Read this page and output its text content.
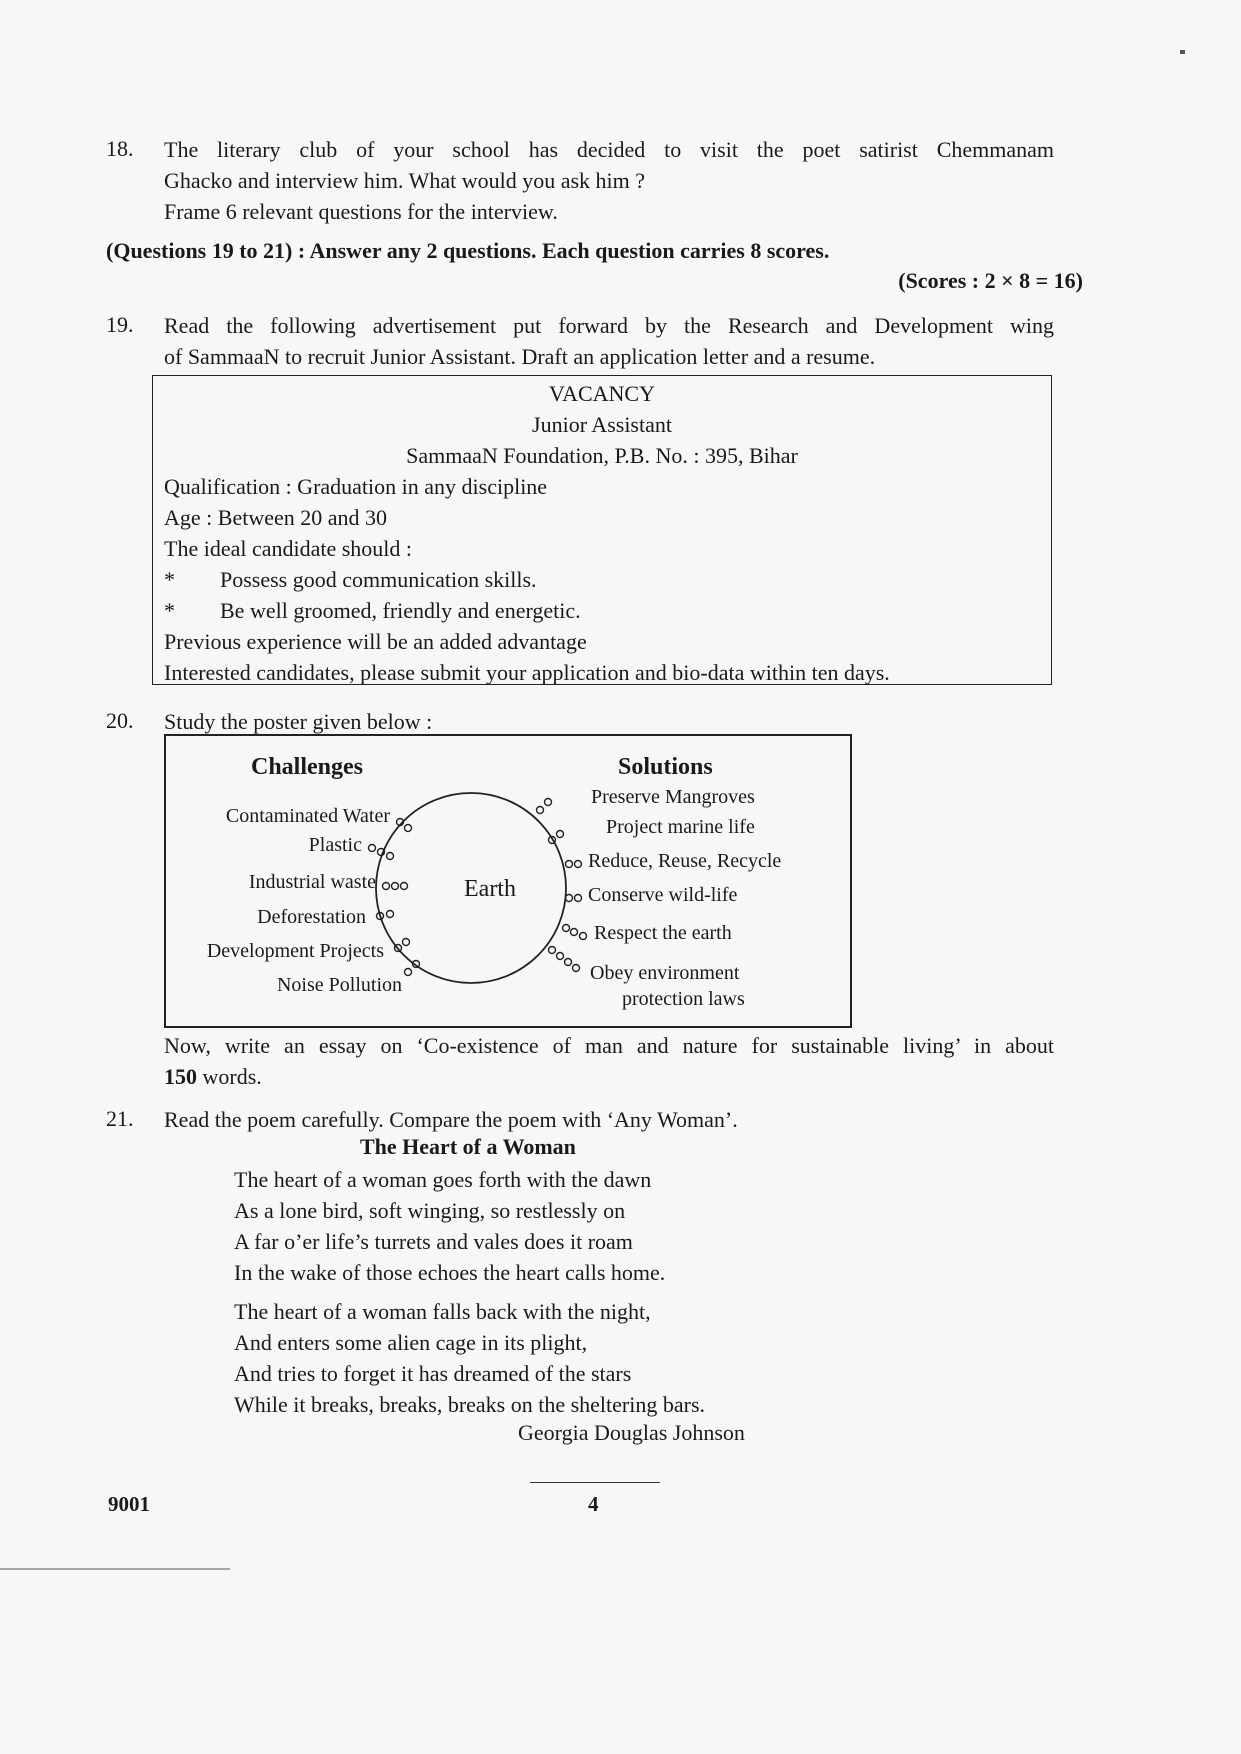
18. The literary club of your school has decided to visit the poet satirist Chemmanam
Ghacko and interview him. What would you ask him ?
Frame 6 relevant questions for the interview.
(Questions 19 to 21) : Answer any 2 questions. Each question carries 8 scores.
(Scores : 2 × 8 = 16)
19. Read the following advertisement put forward by the Research and Development wing
of SammaaN to recruit Junior Assistant. Draft an application letter and a resume.
VACANCY
Junior Assistant
SammaaN Foundation, P.B. No. : 395, Bihar
Qualification : Graduation in any discipline
Age : Between 20 and 30
The ideal candidate should :
*	Possess good communication skills.
*	Be well groomed, friendly and energetic.
Previous experience will be an added advantage
Interested candidates, please submit your application and bio-data within ten days.
20. Study the poster given below :
Challenges	Solutions
Earth
Contaminated Water
Plastic
Industrial waste
Deforestation
Development Projects
Noise Pollution
Preserve Mangroves
Project marine life
Reduce, Reuse, Recycle
Conserve wild-life
Respect the earth
Obey environment
protection laws
Now, write an essay on ‘Co-existence of man and nature for sustainable living’ in about
150 words.
21. Read the poem carefully. Compare the poem with ‘Any Woman’.
The Heart of a Woman
The heart of a woman goes forth with the dawn
As a lone bird, soft winging, so restlessly on
A far o’er life’s turrets and vales does it roam
In the wake of those echoes the heart calls home.
The heart of a woman falls back with the night,
And enters some alien cage in its plight,
And tries to forget it has dreamed of the stars
While it breaks, breaks, breaks on the sheltering bars.
Georgia Douglas Johnson
9001	4
